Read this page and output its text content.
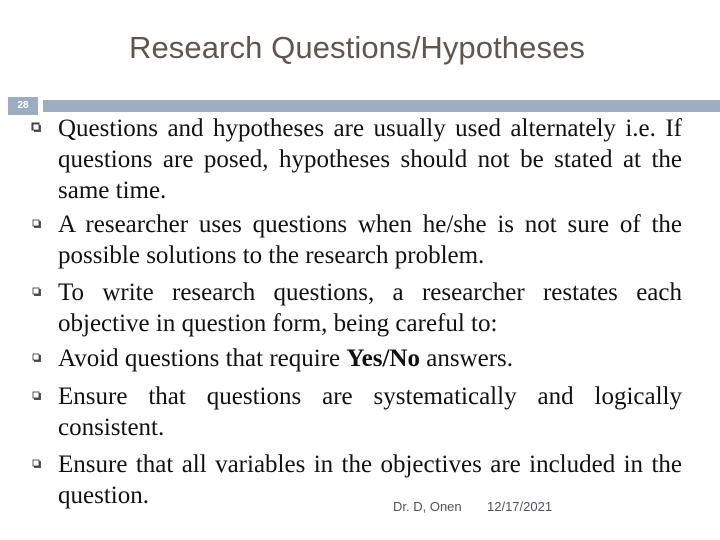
Research Questions/Hypotheses
28
Questions and hypotheses are usually used alternately i.e. If questions are posed, hypotheses should not be stated at the same time.
A researcher uses questions when he/she is not sure of the possible solutions to the research problem.
To write research questions, a researcher restates each objective in question form, being careful to:
Avoid questions that require Yes/No answers.
Ensure that questions are systematically and logically consistent.
Ensure that all variables in the objectives are included in the question.	Dr. D, Onen 12/17/2021
